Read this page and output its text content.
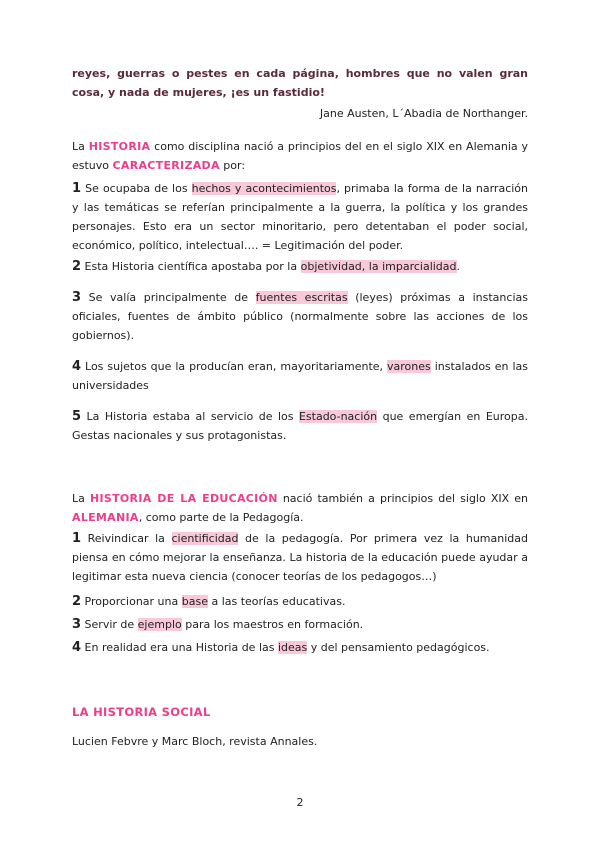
reyes, guerras o pestes en cada página, hombres que no valen gran cosa, y nada de mujeres, ¡es un fastidio!

Jane Austen, L´Abadia de Northanger.

La HISTORIA como disciplina nació a principios del en el siglo XIX en Alemania y estuvo CARACTERIZADA por:

1 Se ocupaba de los hechos y acontecimientos, primaba la forma de la narración y las temáticas se referían principalmente a la guerra, la política y los grandes personajes. Esto era un sector minoritario, pero detentaban el poder social, económico, político, intelectual…. = Legitimación del poder.

2 Esta Historia científica apostaba por la objetividad, la imparcialidad.

3 Se valía principalmente de fuentes escritas (leyes) próximas a instancias oficiales, fuentes de ámbito público (normalmente sobre las acciones de los gobiernos).

4 Los sujetos que la producían eran, mayoritariamente, varones instalados en las universidades

5 La Historia estaba al servicio de los Estado-nación que emergían en Europa. Gestas nacionales y sus protagonistas.

La HISTORIA DE LA EDUCACIÓN nació también a principios del siglo XIX en ALEMANIA, como parte de la Pedagogía.

1 Reivindicar la cientificidad de la pedagogía. Por primera vez la humanidad piensa en cómo mejorar la enseñanza. La historia de la educación puede ayudar a legitimar esta nueva ciencia (conocer teorías de los pedagogos…)

2 Proporcionar una base a las teorías educativas.

3 Servir de ejemplo para los maestros en formación.

4 En realidad era una Historia de las ideas y del pensamiento pedagógicos.

LA HISTORIA SOCIAL

Lucien Febvre y Marc Bloch, revista Annales.

2
